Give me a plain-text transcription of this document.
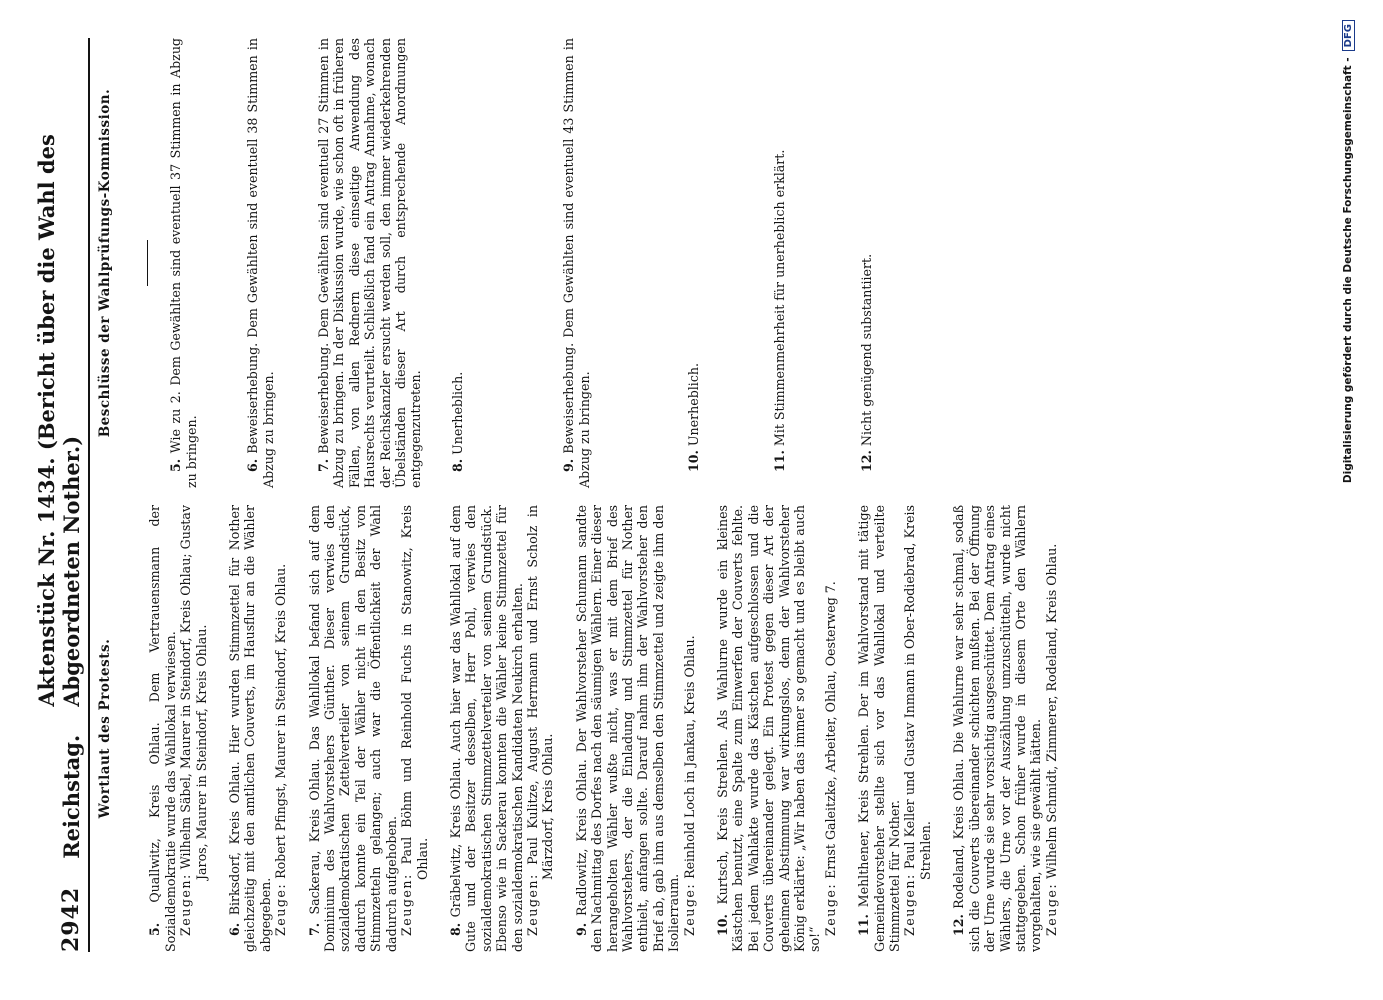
2942
Reichstag.
Aktenstück Nr. 1434. (Bericht über die Wahl des Abgeordneten Nother.)
Wortlaut des Protests.

5. Quallwitz, Kreis Ohlau. Dem Vertrauensmann der Sozialdemokratie wurde das Wahllokal verwiesen. Zeugen: Wilhelm Säbel, Maurer in Steindorf, Kreis Ohlau; Gustav Jaros, Maurer in Steindorf, Kreis Ohlau.

6. Birksdorf, Kreis Ohlau. Hier wurden Stimmzettel für Nother gleichzeitig mit den amtlichen Couverts, im Hausflur an die Wähler abgegeben. Zeuge: Robert Pfingst, Maurer in Steindorf, Kreis Ohlau.

7. Sackerau, Kreis Ohlau. Das Wahllokal befand sich auf dem Dominium des Wahlvorstehers Günther. Dieser verwies den sozialdemokratischen Zettelverteiler von seinem Grundstück, dadurch konnte ein Teil der Wähler nicht in den Besitz von Stimmzetteln gelangen; auch war die Öffentlichkeit der Wahl dadurch aufgehoben. Zeugen: Paul Böhm und Reinhold Fuchs in Stanowitz, Kreis Ohlau.

8. Gräbelwitz, Kreis Ohlau. Auch hier war das Wahllokal auf dem Gute und der Besitzer desselben, Herr Pohl, verwies den sozialdemokratischen Stimmzettelverteiler von seinem Grundstück. Ebenso wie in Sackerau konnten die Wähler keine Stimmzettel für den sozialdemokratischen Kandidaten Neukirch erhalten. Zeugen: Paul Kulitze, August Herrmann und Ernst Scholz in Märzdorf, Kreis Ohlau.

9. Radlowitz, Kreis Ohlau. Der Wahlvorsteher Schumann sandte den Nachmittag des Dorfes nach den säumigen Wählern. Einer dieser herangeholten Wähler wußte nicht, was er mit dem Brief des Wahlvorstehers, der die Einladung und Stimmzettel für Nother enthielt, anfangen sollte. Darauf nahm ihm der Wahlvorsteher den Brief ab, gab ihm aus demselben den Stimmzettel und zeigte ihm den Isolierraum. Zeuge: Reinhold Loch in Jankau, Kreis Ohlau.

10. Kurtsch, Kreis Strehlen. Als Wahlurne wurde ein kleines Kästchen benutzt, eine Spalte zum Einwerfen der Couverts fehlte. Bei jedem Wahlakte wurde das Kästchen aufgeschlossen und die Couverts übereinander gelegt. Ein Protest gegen dieser Art der geheimen Abstimmung war wirkungslos, denn der Wahlvorsteher König erklärte: „Wir haben das immer so gemacht und es bleibt auch so!“

Zeuge: Ernst Galeitzke, Arbeiter, Ohlau, Oesterweg 7.

11. Mehlthener, Kreis Strehlen. Der im Wahlvorstand mit tätige Gemeindevorsteher stellte sich vor das Wahllokal und verteilte Stimmzettel für Nother. Zeugen: Paul Keller und Gustav Inmann in Ober-Rodiebrad, Kreis Strehlen.

12. Rodeland, Kreis Ohlau. Die Wahlurne war sehr schmal, sodaß sich die Couverts übereinander schichten mußten. Bei der Öffnung der Urne wurde sie sehr vorsichtig ausgeschüttet. Dem Antrag eines Wählers, die Urne vor der Auszählung umzuschütteln, wurde nicht stattgegeben. Schon früher wurde in diesem Orte den Wählern vorgehalten, wie sie gewählt hätten. Zeuge: Wilhelm Schmidt, Zimmerer, Rodeland, Kreis Ohlau.
Beschlüsse der Wahlprüfungs-Kommission.

5. Wie zu 2. Dem Gewählten sind eventuell 37 Stimmen in Abzug zu bringen.	6. Beweiserhebung. Dem Gewählten sind eventuell 38 Stimmen in Abzug zu bringen.	7. Beweiserhebung. Dem Gewählten sind eventuell 27 Stimmen in Abzug zu bringen. In der Diskussion wurde, wie schon oft in früheren Fällen, von allen Rednern diese einseitige Anwendung des Hausrechts verurteilt. Schließlich fand ein Antrag Annahme, wonach der Reichskanzler ersucht werden soll, den immer wiederkehrenden Übelständen dieser Art durch entsprechende Anordnungen entgegenzutreten. 8. Unerheblich.

9. Beweiserhebung. Dem Gewählten sind eventuell 43 Stimmen in Abzug zu bringen.	10. Unerheblich.

11. Mit Stimmenmehrheit für unerheblich erklärt.

12. Nicht genügend substantiiert.	Digitalisierung gefördert durch die Deutsche Forschungsgemeinschaft -
DFG
